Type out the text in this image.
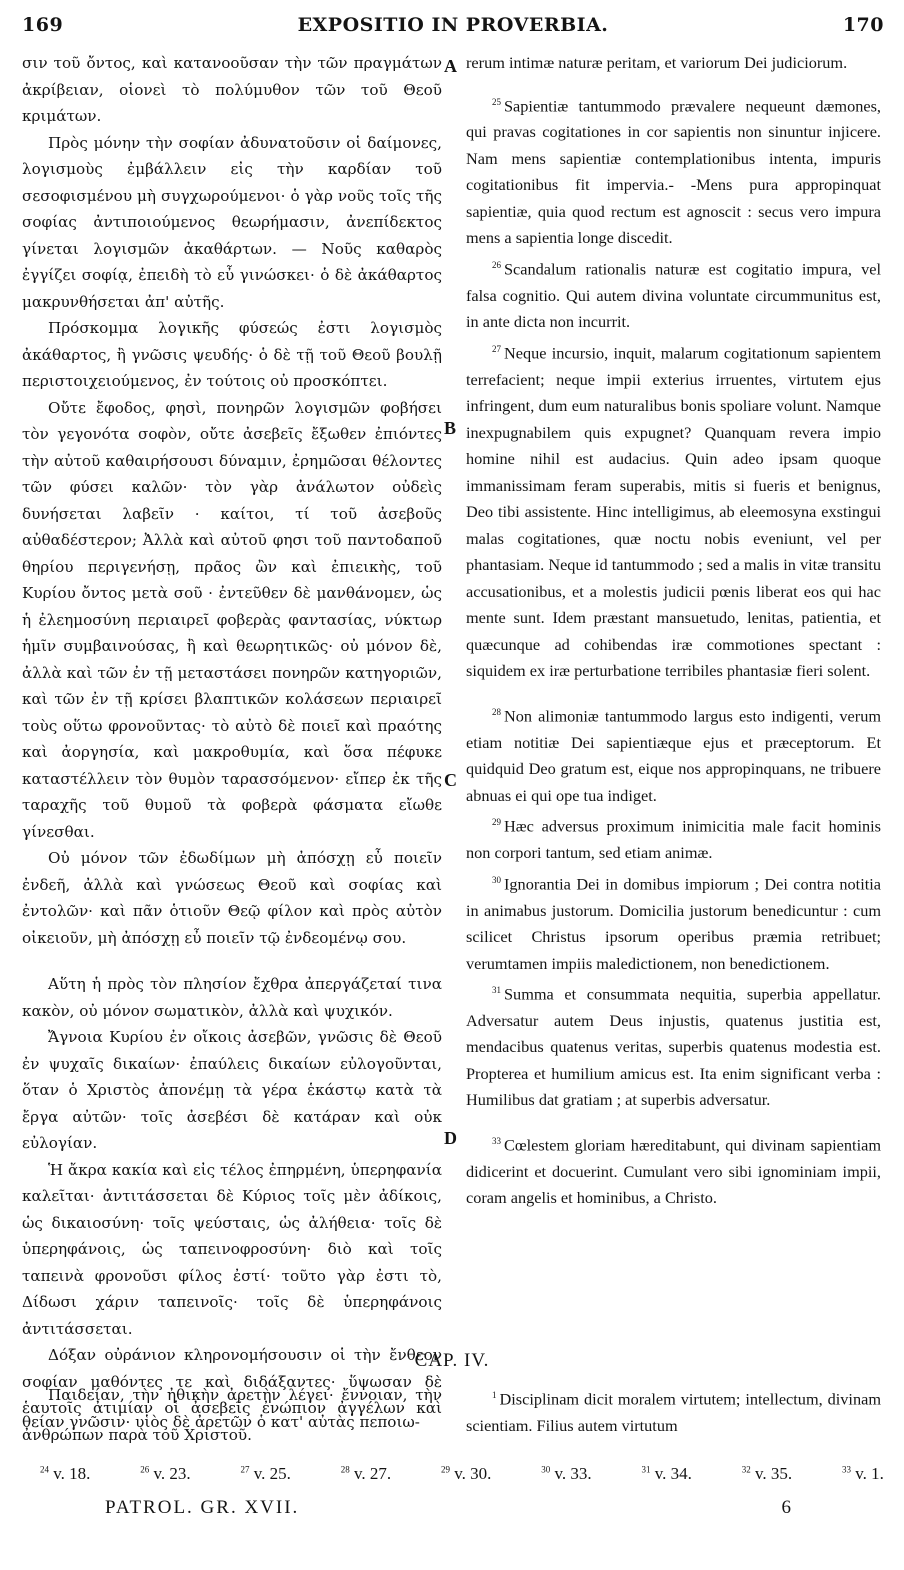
169	EXPOSITIO IN PROVERBIA.	170
A
B
C
D

σιν τοῦ ὄντος, καὶ κατανοοῦσαν τὴν τῶν πραγμάτων ἀκρίβειαν, οἱονεὶ τὸ πολύμυθον τῶν τοῦ Θεοῦ κριμάτων.

Πρὸς μόνην τὴν σοφίαν ἀδυνατοῦσιν οἱ δαίμονες, λογισμοὺς ἐμβάλλειν εἰς τὴν καρδίαν τοῦ σεσοφισμένου μὴ συγχωρούμενοι· ὁ γὰρ νοῦς τοῖς τῆς σοφίας ἀντιποιούμενος θεωρήμασιν, ἀνεπίδεκτος γίνεται λογισμῶν ἀκαθάρτων. — Νοῦς καθαρὸς ἐγγίζει σοφίᾳ, ἐπειδὴ τὸ εὖ γινώσκει· ὁ δὲ ἀκάθαρτος μακρυνθήσεται ἀπ' αὐτῆς.

Πρόσκομμα λογικῆς φύσεώς ἐστι λογισμὸς ἀκάθαρτος, ἢ γνῶσις ψευδής· ὁ δὲ τῇ τοῦ Θεοῦ βουλῇ περιστοιχειούμενος, ἐν τούτοις οὐ προσκόπτει.

Οὔτε ἔφοδος, φησὶ, πονηρῶν λογισμῶν φοβήσει τὸν γεγονότα σοφὸν, οὔτε ἀσεβεῖς ἔξωθεν ἐπιόντες τὴν αὐτοῦ καθαιρήσουσι δύναμιν, ἐρημῶσαι θέλοντες τῶν φύσει καλῶν· τὸν γὰρ ἀνάλωτον οὐδεὶς δυνήσεται λαβεῖν · καίτοι, τί τοῦ ἀσεβοῦς αὐθαδέστερον; Ἀλλὰ καὶ αὐτοῦ φησι τοῦ παντοδαποῦ θηρίου περιγενήσῃ, πρᾶος ὢν καὶ ἐπιεικὴς, τοῦ Κυρίου ὄντος μετὰ σοῦ · ἐντεῦθεν δὲ μανθάνομεν, ὡς ἡ ἐλεημοσύνη περιαιρεῖ φοβερὰς φαντασίας, νύκτωρ ἡμῖν συμβαινούσας, ἢ καὶ θεωρητικῶς· οὐ μόνον δὲ, ἀλλὰ καὶ τῶν ἐν τῇ μεταστάσει πονηρῶν κατηγοριῶν, καὶ τῶν ἐν τῇ κρίσει βλαπτικῶν κολάσεων περιαιρεῖ τοὺς οὕτω φρονοῦντας· τὸ αὐτὸ δὲ ποιεῖ καὶ πραότης καὶ ἀοργησία, καὶ μακροθυμία, καὶ ὅσα πέφυκε καταστέλλειν τὸν θυμὸν ταρασσόμενον· εἴπερ ἐκ τῆς ταραχῆς τοῦ θυμοῦ τὰ φοβερὰ φάσματα εἴωθε γίνεσθαι.

Οὐ μόνον τῶν ἐδωδίμων μὴ ἀπόσχῃ εὖ ποιεῖν ἐνδεῆ, ἀλλὰ καὶ γνώσεως Θεοῦ καὶ σοφίας καὶ ἐντολῶν· καὶ πᾶν ὁτιοῦν Θεῷ φίλον καὶ πρὸς αὐτὸν οἰκειοῦν, μὴ ἀπόσχῃ εὖ ποιεῖν τῷ ἐνδεομένῳ σου.

Αὕτη ἡ πρὸς τὸν πλησίον ἔχθρα ἀπεργάζεταί τινα κακὸν, οὐ μόνον σωματικὸν, ἀλλὰ καὶ ψυχικόν.

Ἄγνοια Κυρίου ἐν οἴκοις ἀσεβῶν, γνῶσις δὲ Θεοῦ ἐν ψυχαῖς δικαίων· ἐπαύλεις δικαίων εὐλογοῦνται, ὅταν ὁ Χριστὸς ἀπονέμῃ τὰ γέρα ἑκάστῳ κατὰ τὰ ἔργα αὐτῶν· τοῖς ἀσεβέσι δὲ κατάραν καὶ οὐκ εὐλογίαν.

Ἡ ἄκρα κακία καὶ εἰς τέλος ἐπηρμένη, ὑπερηφανία καλεῖται· ἀντιτάσσεται δὲ Κύριος τοῖς μὲν ἀδίκοις, ὡς δικαιοσύνη· τοῖς ψεύσταις, ὡς ἀλήθεια· τοῖς δὲ ὑπερηφάνοις, ὡς ταπεινοφροσύνη· διὸ καὶ τοῖς ταπεινὰ φρονοῦσι φίλος ἐστί· τοῦτο γὰρ ἐστι τὸ, Δίδωσι χάριν ταπεινοῖς· τοῖς δὲ ὑπερηφάνοις ἀντιτάσσεται.

Δόξαν οὐράνιον κληρονομήσουσιν οἱ τὴν ἔνθεον σοφίαν μαθόντες τε καὶ διδάξαντες· ὕψωσαν δὲ ἑαυτοῖς ἀτιμίαν οἱ ἀσεβεῖς ἐνώπιον ἀγγέλων καὶ ἀνθρώπων παρὰ τοῦ Χριστοῦ.

rerum intimæ naturæ peritam, et variorum Dei judiciorum.

$^{25}$ Sapientiæ tantummodo prævalere nequeunt dæmones, qui pravas cogitationes in cor sapientis non sinuntur injicere. Nam mens sapientiæ contemplationibus intenta, impuris cogitationibus fit impervia.- -Mens pura appropinquat sapientiæ, quia quod rectum est agnoscit : secus vero impura mens a sapientia longe discedit.

$^{26}$ Scandalum rationalis naturæ est cogitatio impura, vel falsa cognitio. Qui autem divina voluntate circummunitus est, in ante dicta non incurrit.

$^{27}$ Neque incursio, inquit, malarum cogitationum sapientem terrefacient; neque impii exterius irruentes, virtutem ejus infringent, dum eum naturalibus bonis spoliare volunt. Namque inexpugnabilem quis expugnet? Quanquam revera impio homine nihil est audacius. Quin adeo ipsam quoque immanissimam feram superabis, mitis si fueris et benignus, Deo tibi assistente. Hinc intelligimus, ab eleemosyna exstingui malas cogitationes, quæ noctu nobis eveniunt, vel per phantasiam. Neque id tantummodo ; sed a malis in vitæ transitu accusationibus, et a molestis judicii pœnis liberat eos qui hac mente sunt. Idem præstant mansuetudo, lenitas, patientia, et quæcunque ad cohibendas iræ commotiones spectant : siquidem ex iræ perturbatione terribiles phantasiæ fieri solent.

$^{28}$ Non alimoniæ tantummodo largus esto indigenti, verum etiam notitiæ Dei sapientiæque ejus et præceptorum. Et quidquid Deo gratum est, eique nos appropinquans, ne tribuere abnuas ei qui ope tua indiget.

$^{29}$ Hæc adversus proximum inimicitia male facit hominis non corpori tantum, sed etiam animæ.

$^{30}$ Ignorantia Dei in domibus impiorum ; Dei contra notitia in animabus justorum. Domicilia justorum benedicuntur : cum scilicet Christus ipsorum operibus præmia retribuet; verumtamen impiis maledictionem, non benedictionem.

$^{31}$ Summa et consummata nequitia, superbia appellatur. Adversatur autem Deus injustis, quatenus justitia est, mendacibus quatenus veritas, superbis quatenus modestia est. Propterea et humilium amicus est. Ita enim significant verba : Humilibus dat gratiam ; at superbis adversatur.

$^{33}$ Cœlestem gloriam hæreditabunt, qui divinam sapientiam didicerint et docuerint. Cumulant vero sibi ignominiam impii, coram angelis et hominibus, a Christo.

CAP. IV.

Παιδείαν, τὴν ἠθικὴν ἀρετὴν λέγει· ἔννοιαν, τὴν θείαν γνῶσιν· υἱὸς δὲ ἀρετῶν ὁ κατ' αὐτὰς πεποιω-

$^1$ Disciplinam dicit moralem virtutem; intellectum, divinam scientiam. Filius autem virtutum

$^{24}$ v. 18.	$^{26}$ v. 23.	$^{27}$ v. 25.	$^{28}$ v. 27.	$^{29}$ v. 30.	$^{30}$ v. 33.	$^{31}$ v. 34.	$^{32}$ v. 35.	$^{33}$ v. 1.
PATROL. GR. XVII.	6
